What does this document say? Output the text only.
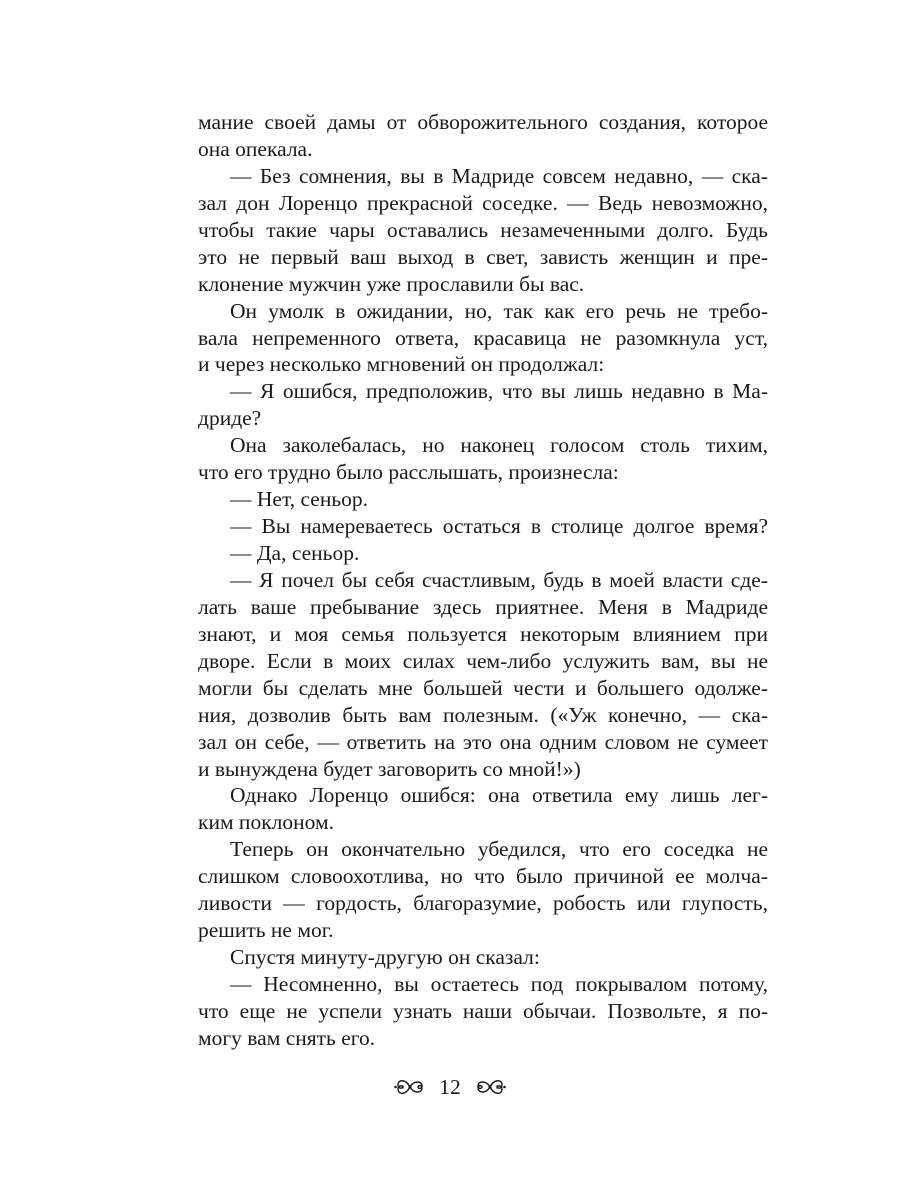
мание своей дамы от обворожительного создания, которое
она опекала.
— Без сомнения, вы в Мадриде совсем недавно, — ска-
зал дон Лоренцо прекрасной соседке. — Ведь невозможно,
чтобы такие чары оставались незамеченными долго. Будь
это не первый ваш выход в свет, зависть женщин и пре-
клонение мужчин уже прославили бы вас.
Он умолк в ожидании, но, так как его речь не требо-
вала непременного ответа, красавица не разомкнула уст,
и через несколько мгновений он продолжал:
— Я ошибся, предположив, что вы лишь недавно в Ма-
дриде?
Она заколебалась, но наконец голосом столь тихим,
что его трудно было расслышать, произнесла:
— Нет, сеньор.
— Вы намереваетесь остаться в столице долгое время?
— Да, сеньор.
— Я почел бы себя счастливым, будь в моей власти сде-
лать ваше пребывание здесь приятнее. Меня в Мадриде
знают, и моя семья пользуется некоторым влиянием при
дворе. Если в моих силах чем-либо услужить вам, вы не
могли бы сделать мне большей чести и большего одолже-
ния, дозволив быть вам полезным. («Уж конечно, — ска-
зал он себе, — ответить на это она одним словом не сумеет
и вынуждена будет заговорить со мной!»)
Однако Лоренцо ошибся: она ответила ему лишь лег-
ким поклоном.
Теперь он окончательно убедился, что его соседка не
слишком словоохотлива, но что было причиной ее молча-
ливости — гордость, благоразумие, робость или глупость,
решить не мог.
Спустя минуту-другую он сказал:
— Несомненно, вы остаетесь под покрывалом потому,
что еще не успели узнать наши обычаи. Позвольте, я по-
могу вам снять его.
12
